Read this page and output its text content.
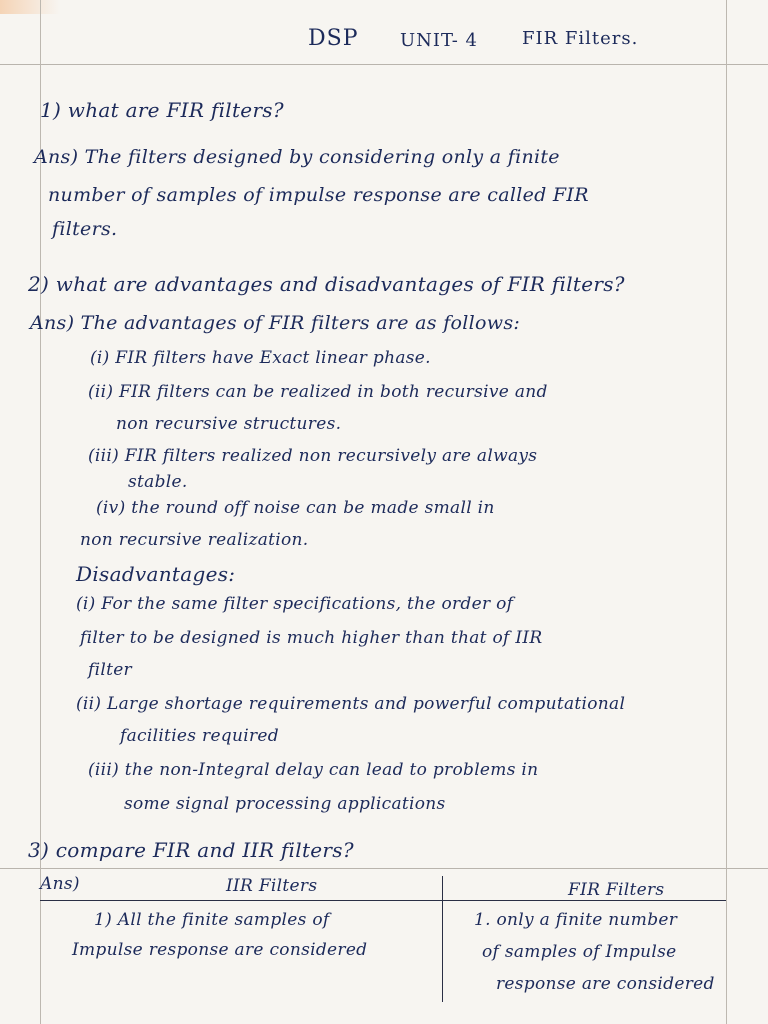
DSP UNIT- 4 FIR Filters.
1) what are FIR filters?
Ans) The filters designed by considering only a finite
number of samples of impulse response are called FIR
filters.
2) what are advantages and disadvantages of FIR filters?
Ans) The advantages of FIR filters are as follows:
(i) FIR filters have Exact linear phase.
(ii) FIR filters can be realized in both recursive and
non recursive structures.
(iii) FIR filters realized non recursively are always
stable.
(iv) the round off noise can be made small in
non recursive realization.
Disadvantages:
(i) For the same filter specifications, the order of
filter to be designed is much higher than that of IIR
filter
(ii) Large shortage requirements and powerful computational
facilities required
(iii) the non-Integral delay can lead to problems in
some signal processing applications
3) compare FIR and IIR filters?
Ans)	IIR Filters	FIR Filters
1) All the finite samples of
Impulse response are considered
1. only a finite number
of samples of Impulse
response are considered
